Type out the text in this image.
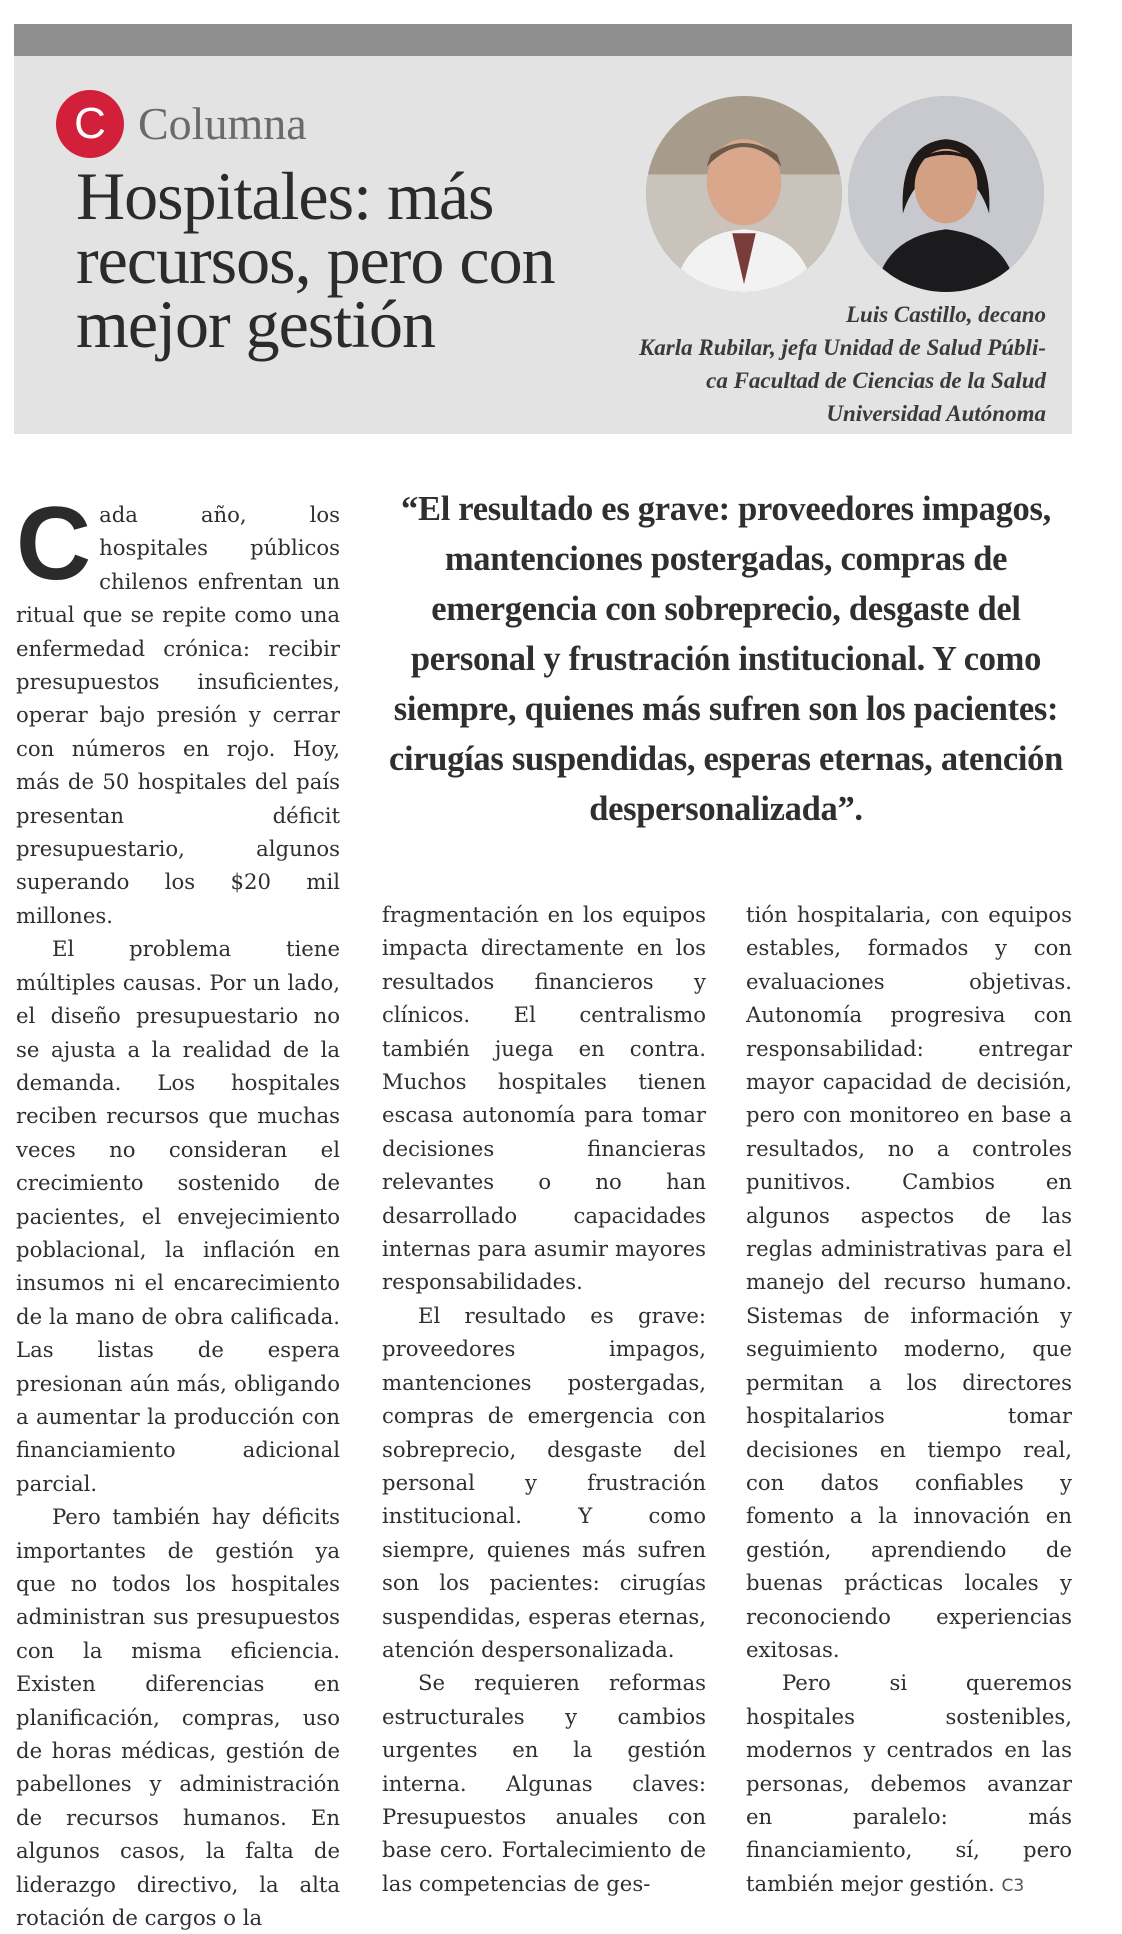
C Columna
Hospitales: más recursos, pero con mejor gestión	Luis Castillo, decano
Karla Rubilar, jefa Unidad de Salud Públi-
ca Facultad de Ciencias de la Salud
Universidad Autónoma

Cada año, los hospitales públicos chilenos enfrentan un ritual que se repite como una enfermedad crónica: recibir presupuestos insuficientes, operar bajo presión y cerrar con números en rojo. Hoy, más de 50 hospitales del país presentan déficit presupuestario, algunos superando los $20 mil millones.

El problema tiene múltiples causas. Por un lado, el diseño presupuestario no se ajusta a la realidad de la demanda. Los hospitales reciben recursos que muchas veces no consideran el crecimiento sostenido de pacientes, el envejecimiento poblacional, la inflación en insumos ni el encarecimiento de la mano de obra calificada. Las listas de espera presionan aún más, obligando a aumentar la producción con financiamiento adicional parcial.

Pero también hay déficits importantes de gestión ya que no todos los hospitales administran sus presupuestos con la misma eficiencia. Existen diferencias en planificación, compras, uso de horas médicas, gestión de pabellones y administración de recursos humanos. En algunos casos, la falta de liderazgo directivo, la alta rotación de cargos o la

“El resultado es grave: proveedores impagos, mantenciones postergadas, compras de emergencia con sobreprecio, desgaste del personal y frustración institucional. Y como siempre, quienes más sufren son los pacientes: cirugías suspendidas, esperas eternas, atención despersonalizada”.

fragmentación en los equipos impacta directamente en los resultados financieros y clínicos. El centralismo también juega en contra. Muchos hospitales tienen escasa autonomía para tomar decisiones financieras relevantes o no han desarrollado capacidades internas para asumir mayores responsabilidades.

El resultado es grave: proveedores impagos, mantenciones postergadas, compras de emergencia con sobreprecio, desgaste del personal y frustración institucional. Y como siempre, quienes más sufren son los pacientes: cirugías suspendidas, esperas eternas, atención despersonalizada.

Se requieren reformas estructurales y cambios urgentes en la gestión interna. Algunas claves: Presupuestos anuales con base cero. Fortalecimiento de las competencias de ges-

tión hospitalaria, con equipos estables, formados y con evaluaciones objetivas. Autonomía progresiva con responsabilidad: entregar mayor capacidad de decisión, pero con monitoreo en base a resultados, no a controles punitivos. Cambios en algunos aspectos de las reglas administrativas para el manejo del recurso humano. Sistemas de información y seguimiento moderno, que permitan a los directores hospitalarios tomar decisiones en tiempo real, con datos confiables y fomento a la innovación en gestión, aprendiendo de buenas prácticas locales y reconociendo experiencias exitosas.

Pero si queremos hospitales sostenibles, modernos y centrados en las personas, debemos avanzar en paralelo: más financiamiento, sí, pero también mejor gestión. C3
